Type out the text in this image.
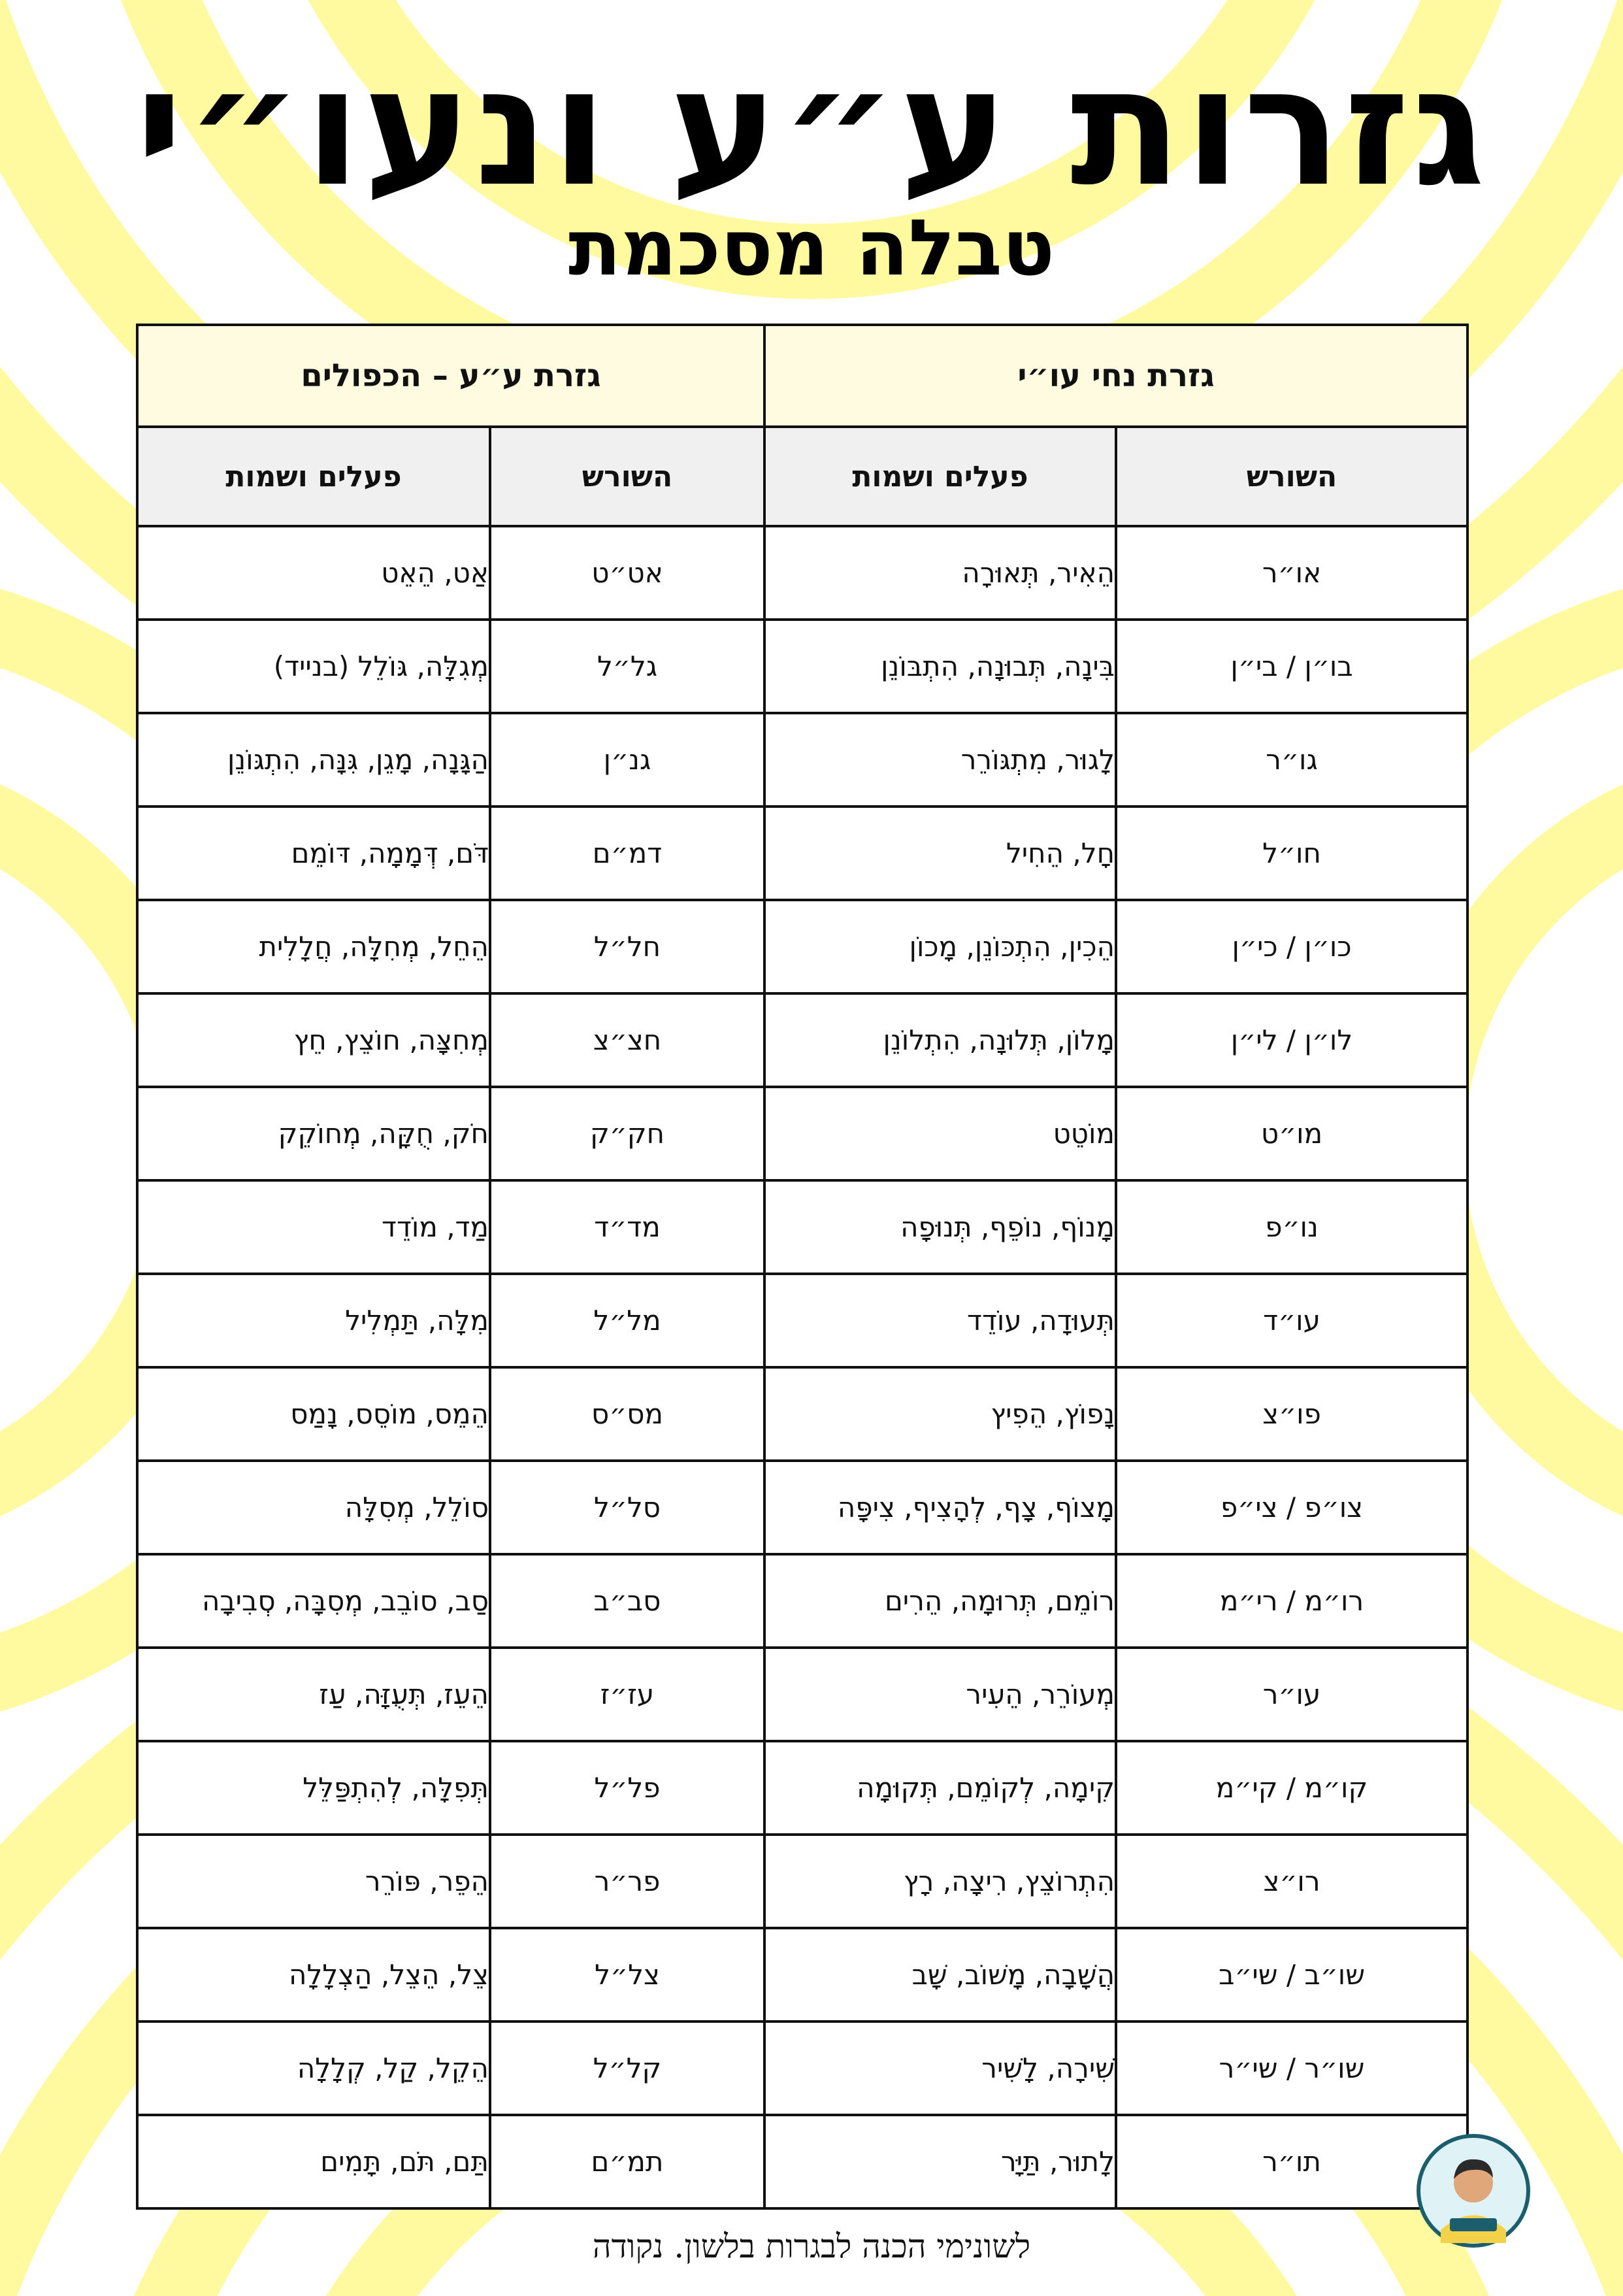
גזרות ע״ע ונעו״י
טבלה מסכמת
גזרת נחי עו״י		גזרת ע״ע – הכפולים	
השורש	פעלים ושמות	השורש	פעלים ושמות
או״ר	הֵאִיר, תְּאוּרָה	אט״ט	אַט, הֵאֵט
בו״ן / בי״ן	בִּינָה, תְּבוּנָה, הִתְבּוֹנֵן	גל״ל	מְגִלָּה, גּוֹלֵל (בנייד)
גו״ר	לָגוּר, מִתְגּוֹרֵר	גנ״ן	הַגָּנָה, מָגֵן, גִּנָּה, הִתְגּוֹנֵן
חו״ל	חָל, הֵחִיל	דמ״ם	דֹּם, דְּמָמָה, דּוֹמֵם
כו״ן / כי״ן	הֵכִין, הִתְכּוֹנֵן, מָכוֹן	חל״ל	הֵחֵל, מְחִלָּה, חֲלָלִית
לו״ן / לי״ן	מָלוֹן, תְּלוּנָה, הִתְלוֹנֵן	חצ״צ	מְחִצָּה, חוֹצֵץ, חֵץ
מו״ט	מוֹטֵט	חק״ק	חֹק, חֻקָּה, מְחוֹקֵק
נו״פ	מָנוֹף, נוֹפֵף, תְּנוּפָה	מד״ד	מַד, מוֹדֵד
עו״ד	תְּעוּדָה, עוֹדֵד	מל״ל	מִלָּה, תַּמְלִיל
פו״צ	נָפוֹץ, הֵפִיץ	מס״ס	הֵמֵס, מוֹסֵס, נָמַס
צו״פ / צי״פ	מָצוֹף, צָף, לְהָצִיף, צִיפָּה	סל״ל	סוֹלֵל, מְסִלָּה
רו״מ / רי״מ	רוֹמֵם, תְּרוּמָה, הֵרִים	סב״ב	סַב, סוֹבֵב, מְסִבָּה, סְבִיבָה
עו״ר	מְעוֹרֵר, הֵעִיר	עז״ז	הֵעֵז, תְּעֻזָּה, עַז
קו״מ / קי״מ	קִימָה, לְקוֹמֵם, תְּקוּמָה	פל״ל	תְּפִלָּה, לְהִתְפַּלֵּל
רו״צ	הִתְרוֹצֵץ, רִיצָה, רָץ	פר״ר	הֵפֵר, פּוֹרֵר
שו״ב / שי״ב	הֲשָׁבָה, מָשׁוֹב, שָׁב	צל״ל	צֵל, הֵצֵל, הַצְלָלָה
שו״ר / שי״ר	שִׁירָה, לָשִׁיר	קל״ל	הֵקֵל, קַל, קְלָלָה
תו״ר	לָתוּר, תַּיָּר	תמ״ם	תַּם, תֹּם, תָּמִים
לשונימי הכנה לבגרות בלשון. נקודה
